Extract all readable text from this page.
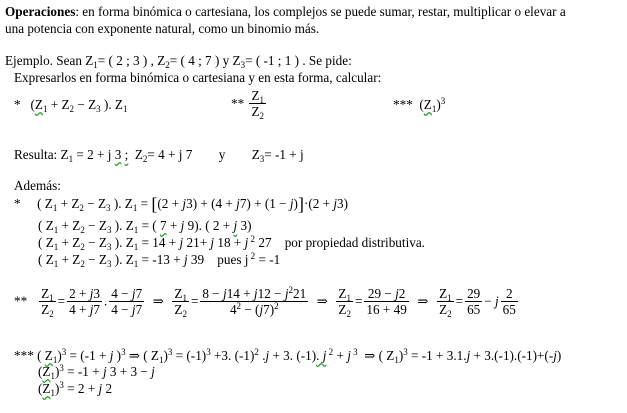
Operaciones: en forma binómica o cartesiana, los complejos se puede sumar, restar, multiplicar o elevar a
una potencia con exponente natural, como un binomio más.
Ejemplo. Sean $Z_1=$ ( 2 ; 3 ) , $Z_2=$ ( 4 ; 7 ) y $Z_3=$ ( -1 ; 1 ) . Se pide:
Expresarlos en forma binómica o cartesiana y en esta forma, calcular:
*   ($Z_1 + Z_2 - Z_3$ ). $Z_1$	** $\frac{Z_1}{Z_2}$	***  $(Z_1)^3$
Resulta: $Z_1 = 2 + j$ 3 ; $Z_2= 4 + j$ 7 y $Z_3= -1 + j$
Además:
*     ( $Z_1 + Z_2 - Z_3$ ). $Z_1 = [(2 + j3) + (4 + j7) + (1 - j)]\cdot(2 + j3)$
( $Z_1 + Z_2 - Z_3$ ). $Z_1$ = ( 7 + j 9). ( 2 + j 3)
( $Z_1 + Z_2 - Z_3$ ). $Z_1 = 14 + j$ 21+ j 18 + j $^2$ 27    por propiedad distributiva.
( $Z_1 + Z_2 - Z_3$ ). $Z_1 = -13 + j$ 39    pues j $^2$ = -1
** $\frac{Z_1}{Z_2} = \frac{2 + j3}{4 + j7}$ . $\frac{4 - j7}{4 - j7}$ ⇒ $\frac{Z_1}{Z_2} = \frac{8 - j14 + j12 - j^221}{4^2 - (j7)^2}$ ⇒ $\frac{Z_1}{Z_2} = \frac{29 - j2}{16 + 49}$ ⇒ $\frac{Z_1}{Z_2} = \frac{29}{65} - j \frac{2}{65}$
*** ( $Z_1)^3 = (-1 + j$ )$^3$ ⇒ ( $Z_1)^3 = (-1)^3 +3$. $(-1)^2$ .j + 3. (-1). j $^2$ + j $^3$  ⇒ ( $Z_1)^3 = -1 + 3.1.j + 3.(-1).(-1)+(-j)$
$(Z_1)^3 = -1 + j$ 3 + 3 − j
$(Z_1)^3 = 2 + j$ 2
